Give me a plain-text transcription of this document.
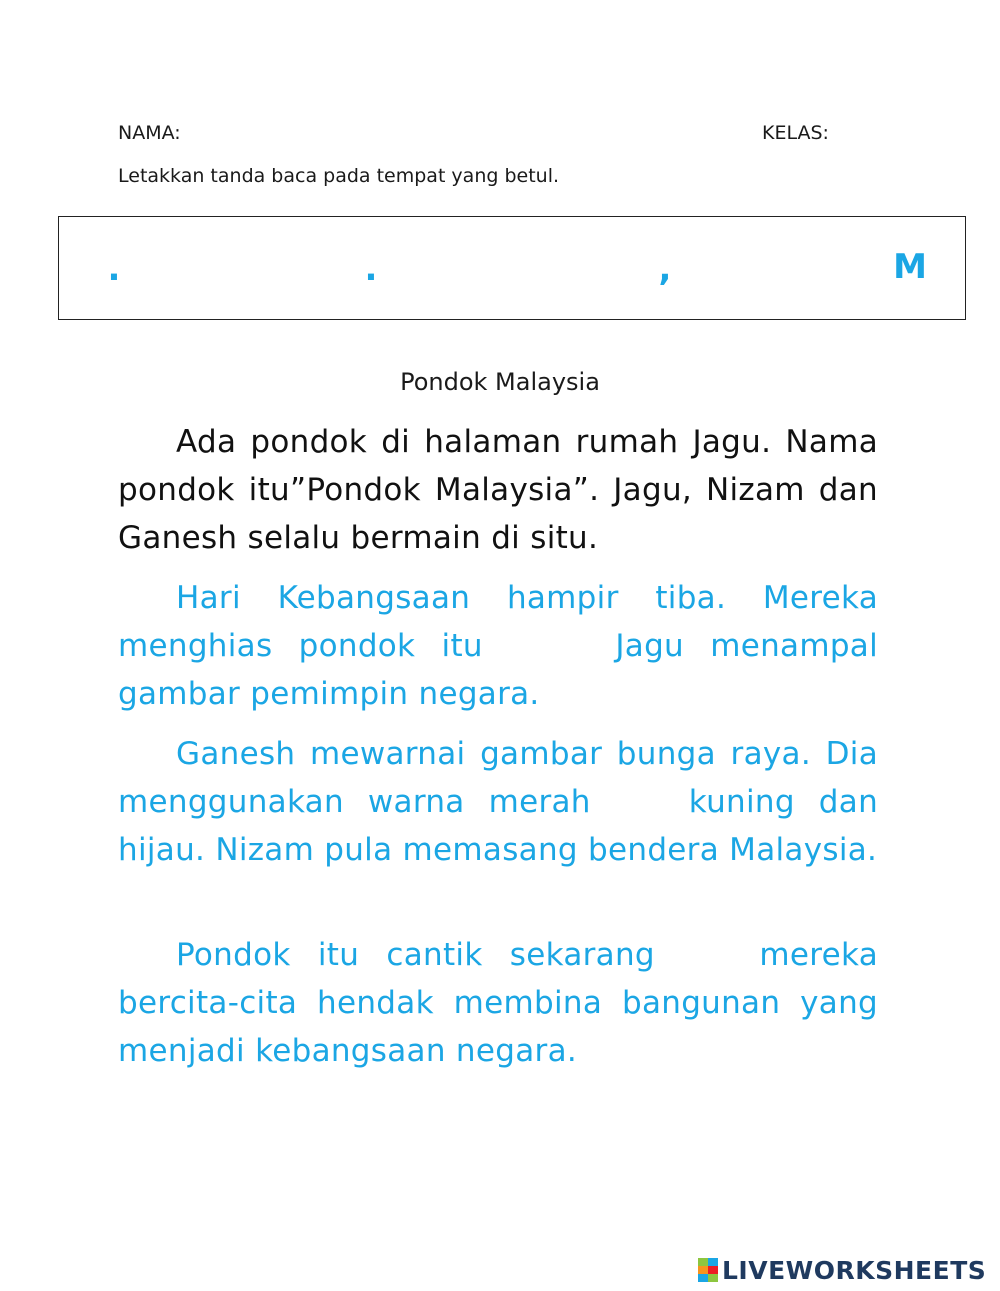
NAMA:	KELAS:
Letakkan tanda baca pada tempat yang betul.
.	.	,	M
Pondok Malaysia

Ada pondok di halaman rumah Jagu. Nama pondok itu”Pondok Malaysia”. Jagu, Nizam dan Ganesh selalu bermain di situ.

Hari Kebangsaan hampir tiba. Mereka menghias pondok itu	Jagu menampal gambar pemimpin negara.

Ganesh mewarnai gambar bunga raya. Dia menggunakan warna merah	kuning dan hijau. Nizam pula memasang bendera Malaysia.

Pondok itu cantik sekarang	mereka bercita-cita hendak membina bangunan yang menjadi kebangsaan negara.

LIVEWORKSHEETS
